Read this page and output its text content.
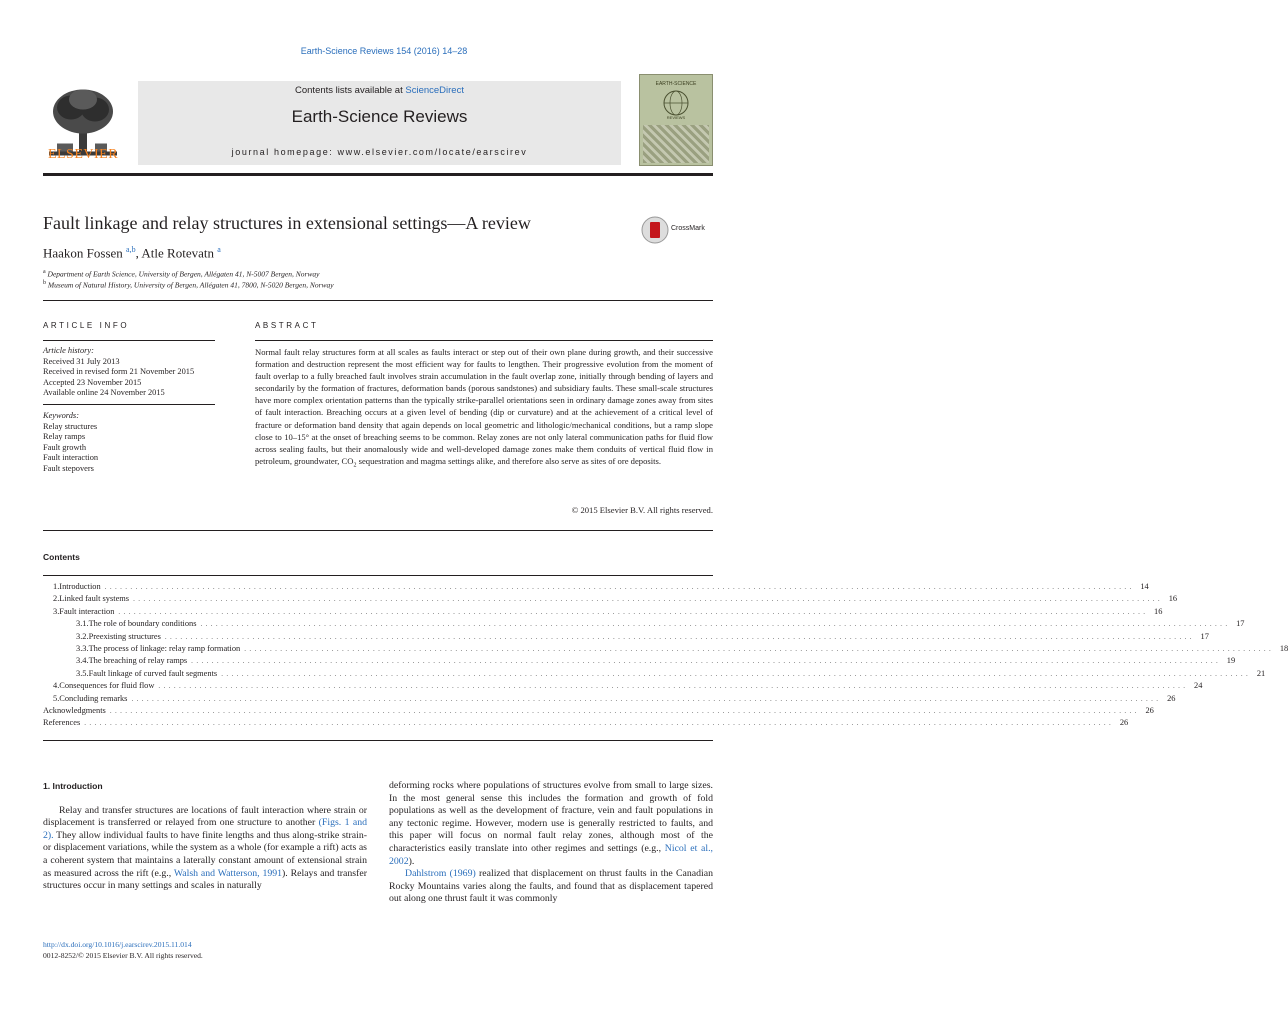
Earth-Science Reviews 154 (2016) 14–28
ELSEVIER
Contents lists available at ScienceDirect
Earth-Science Reviews
journal homepage: www.elsevier.com/locate/earscirev
EARTH-SCIENCE
REVIEWS
Fault linkage and relay structures in extensional settings—A review	CrossMark
Haakon Fossen $^{a,b}$, Atle Rotevatn $^a$
$^a$ Department of Earth Science, University of Bergen, Allégaten 41, N-5007 Bergen, Norway
$^b$ Museum of Natural History, University of Bergen, Allégaten 41, 7800, N-5020 Bergen, Norway
ARTICLE INFO	ABSTRACT
Article history:
Received 31 July 2013
Received in revised form 21 November 2015
Accepted 23 November 2015
Available online 24 November 2015
Keywords:
Relay structures
Relay ramps
Fault growth
Fault interaction
Fault stepovers
Normal fault relay structures form at all scales as faults interact or step out of their own plane during growth, and their successive formation and destruction represent the most efficient way for faults to lengthen. Their progressive evolution from the moment of fault overlap to a fully breached fault involves strain accumulation in the fault overlap zone, initially through bending of layers and secondarily by the formation of fractures, deformation bands (porous sandstones) and subsidiary faults. These small-scale structures have more complex orientation patterns than the typically strike-parallel orientations seen in ordinary damage zones away from sites of fault interaction. Breaching occurs at a given level of bending (dip or curvature) and at the achievement of a critical level of fracture or deformation band density that again depends on local geometric and lithologic/mechanical conditions, but a ramp slope close to 10–15° at the onset of breaching seems to be common. Relay zones are not only lateral communication paths for fluid flow across sealing faults, but their anomalously wide and well-developed damage zones make them conduits of vertical fluid flow in petroleum, groundwater, $CO_2$ sequestration and magma settings alike, and therefore also serve as sites of ore deposits.
© 2015 Elsevier B.V. All rights reserved.
Contents
1. Introduction ........................................................................................................................................................................................................ 14
2. Linked fault systems ........................................................................................................................................................................................................ 16
3. Fault interaction ........................................................................................................................................................................................................ 16
3.1. The role of boundary conditions ........................................................................................................................................................................................................ 17
3.2. Preexisting structures ........................................................................................................................................................................................................ 17
3.3. The process of linkage: relay ramp formation ........................................................................................................................................................................................................ 18
3.4. The breaching of relay ramps ........................................................................................................................................................................................................ 19
3.5. Fault linkage of curved fault segments ........................................................................................................................................................................................................ 21
4. Consequences for fluid flow ........................................................................................................................................................................................................ 24
5. Concluding remarks ........................................................................................................................................................................................................ 26
Acknowledgments ........................................................................................................................................................................................................ 26
References ........................................................................................................................................................................................................ 26
1. Introduction

Relay and transfer structures are locations of fault interaction where strain or displacement is transferred or relayed from one structure to another (Figs. 1 and 2). They allow individual faults to have finite lengths and thus along-strike strain- or displacement variations, while the system as a whole (for example a rift) acts as a coherent system that maintains a laterally constant amount of extensional strain as measured across the rift (e.g., Walsh and Watterson, 1991). Relays and transfer structures occur in many settings and scales in naturally

deforming rocks where populations of structures evolve from small to large sizes. In the most general sense this includes the formation and growth of fold populations as well as the development of fracture, vein and fault populations in any tectonic regime. However, modern use is generally restricted to faults, and this paper will focus on normal fault relay zones, although most of the characteristics easily translate into other regimes and settings (e.g., Nicol et al., 2002).

Dahlstrom (1969) realized that displacement on thrust faults in the Canadian Rocky Mountains varies along the faults, and found that as displacement tapered out along one thrust fault it was commonly

http://dx.doi.org/10.1016/j.earscirev.2015.11.014
0012-8252/© 2015 Elsevier B.V. All rights reserved.
